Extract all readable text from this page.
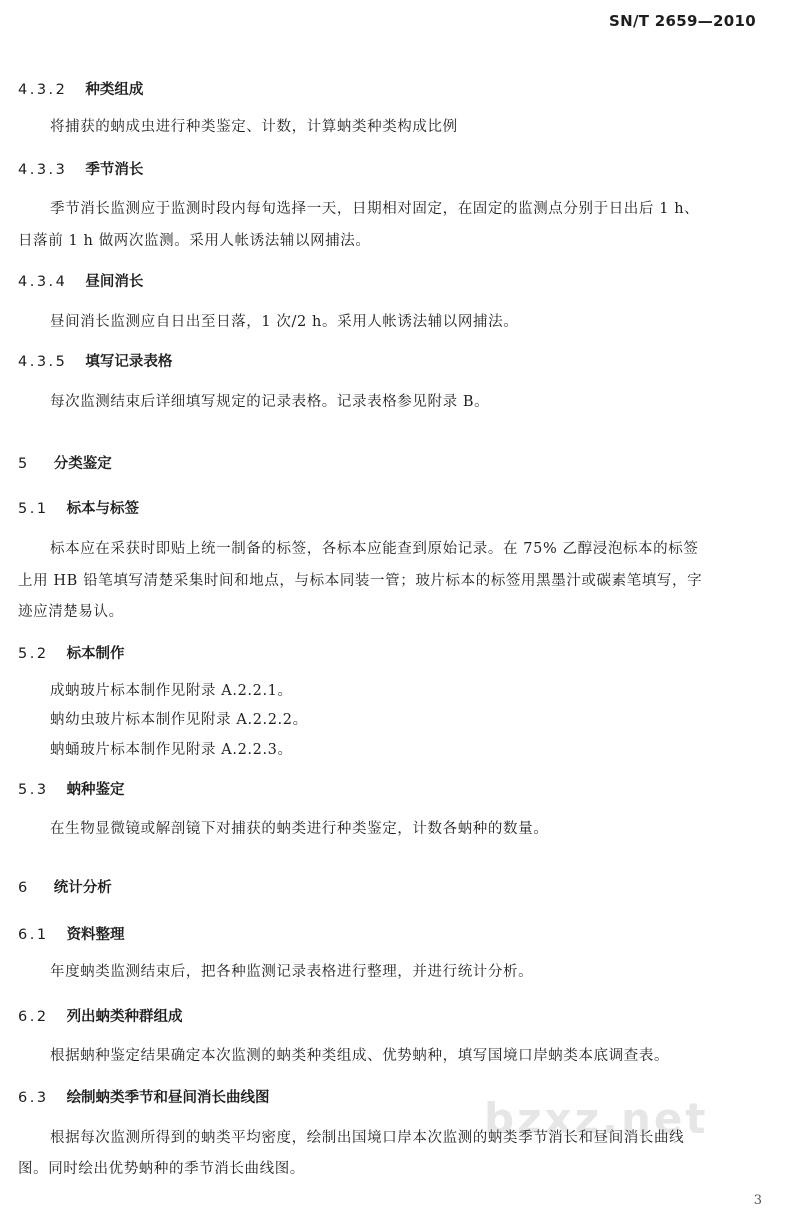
SN/T 2659—2010
4.3.2 种类组成
将捕获的蚋成虫进行种类鉴定、计数，计算蚋类种类构成比例
4.3.3 季节消长
季节消长监测应于监测时段内每旬选择一天，日期相对固定，在固定的监测点分别于日出后 1 h、
日落前 1 h 做两次监测。采用人帐诱法辅以网捕法。
4.3.4 昼间消长
昼间消长监测应自日出至日落，1 次/2 h。采用人帐诱法辅以网捕法。
4.3.5 填写记录表格
每次监测结束后详细填写规定的记录表格。记录表格参见附录 B。
5 分类鉴定
5.1 标本与标签
标本应在采获时即贴上统一制备的标签，各标本应能查到原始记录。在 75% 乙醇浸泡标本的标签
上用 HB 铅笔填写清楚采集时间和地点，与标本同装一管；玻片标本的标签用黑墨汁或碳素笔填写，字
迹应清楚易认。
5.2 标本制作
成蚋玻片标本制作见附录 A.2.2.1。
蚋幼虫玻片标本制作见附录 A.2.2.2。
蚋蛹玻片标本制作见附录 A.2.2.3。
5.3 蚋种鉴定
在生物显微镜或解剖镜下对捕获的蚋类进行种类鉴定，计数各蚋种的数量。
6 统计分析
6.1 资料整理
年度蚋类监测结束后，把各种监测记录表格进行整理，并进行统计分析。
6.2 列出蚋类种群组成
根据蚋种鉴定结果确定本次监测的蚋类种类组成、优势蚋种，填写国境口岸蚋类本底调查表。
6.3 绘制蚋类季节和昼间消长曲线图	bzxz.net
根据每次监测所得到的蚋类平均密度，绘制出国境口岸本次监测的蚋类季节消长和昼间消长曲线
图。同时绘出优势蚋种的季节消长曲线图。
3
